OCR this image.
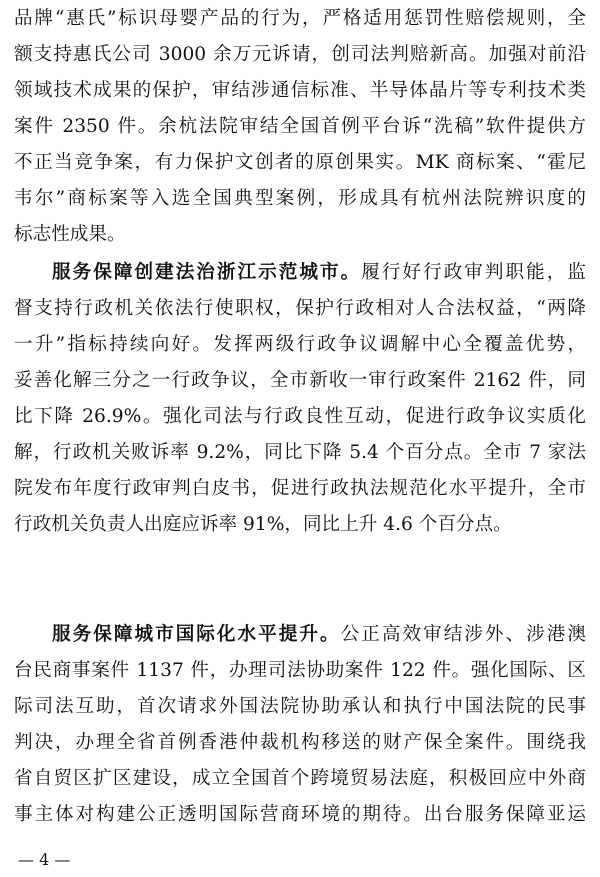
品牌“惠氏”标识母婴产品的行为，严格适用惩罚性赔偿规则，全
额支持惠氏公司 3000 余万元诉请，创司法判赔新高。加强对前沿
领域技术成果的保护，审结涉通信标准、半导体晶片等专利技术类
案件 2350 件。余杭法院审结全国首例平台诉“洗稿”软件提供方
不正当竞争案，有力保护文创者的原创果实。MK 商标案、“霍尼
韦尔”商标案等入选全国典型案例，形成具有杭州法院辨识度的
标志性成果。
服务保障创建法治浙江示范城市。履行好行政审判职能，监
督支持行政机关依法行使职权，保护行政相对人合法权益，“两降
一升”指标持续向好。发挥两级行政争议调解中心全覆盖优势，
妥善化解三分之一行政争议，全市新收一审行政案件 2162 件，同
比下降 26.9%。强化司法与行政良性互动，促进行政争议实质化
解，行政机关败诉率 9.2%，同比下降 5.4 个百分点。全市 7 家法
院发布年度行政审判白皮书，促进行政执法规范化水平提升，全市
行政机关负责人出庭应诉率 91%，同比上升 4.6 个百分点。
服务保障城市国际化水平提升。公正高效审结涉外、涉港澳
台民商事案件 1137 件，办理司法协助案件 122 件。强化国际、区
际司法互助，首次请求外国法院协助承认和执行中国法院的民事
判决，办理全省首例香港仲裁机构移送的财产保全案件。围绕我
省自贸区扩区建设，成立全国首个跨境贸易法庭，积极回应中外商
事主体对构建公正透明国际营商环境的期待。出台服务保障亚运
— 4 —
